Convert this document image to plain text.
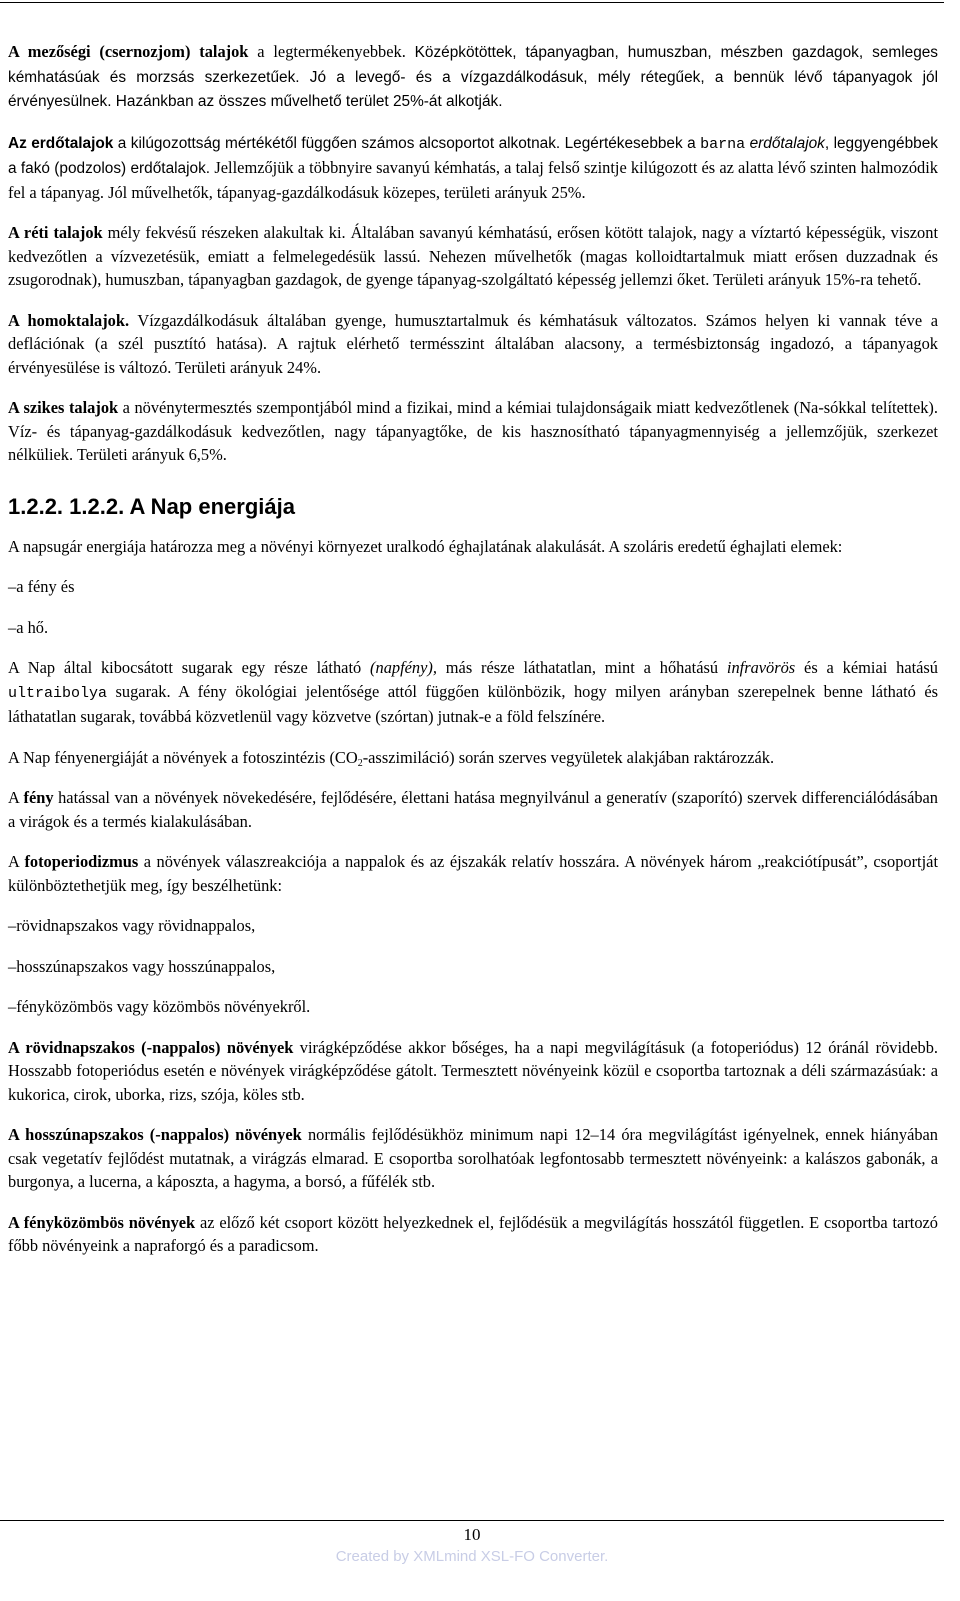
A mezőségi (csernozjom) talajok a legtermékenyebbek. Középkötöttek, tápanyagban, humuszban, mészben gazdagok, semleges kémhatásúak és morzsás szerkezetűek. Jó a levegő- és a vízgazdálkodásuk, mély rétegűek, a bennük lévő tápanyagok jól érvényesülnek. Hazánkban az összes művelhető terület 25%-át alkotják.

Az erdőtalajok a kilúgozottság mértékétől függően számos alcsoportot alkotnak. Legértékesebbek a barna erdőtalajok, leggyengébbek a fakó (podzolos) erdőtalajok. Jellemzőjük a többnyire savanyú kémhatás, a talaj felső szintje kilúgozott és az alatta lévő szinten halmozódik fel a tápanyag. Jól művelhetők, tápanyag-gazdálkodásuk közepes, területi arányuk 25%.

A réti talajok mély fekvésű részeken alakultak ki. Általában savanyú kémhatású, erősen kötött talajok, nagy a víztartó képességük, viszont kedvezőtlen a vízvezetésük, emiatt a felmelegedésük lassú. Nehezen művelhetők (magas kolloidtartalmuk miatt erősen duzzadnak és zsugorodnak), humuszban, tápanyagban gazdagok, de gyenge tápanyag-szolgáltató képesség jellemzi őket. Területi arányuk 15%-ra tehető.

A homoktalajok. Vízgazdálkodásuk általában gyenge, humusztartalmuk és kémhatásuk változatos. Számos helyen ki vannak téve a deflációnak (a szél pusztító hatása). A rajtuk elérhető termésszint általában alacsony, a termésbiztonság ingadozó, a tápanyagok érvényesülése is változó. Területi arányuk 24%.

A szikes talajok a növénytermesztés szempontjából mind a fizikai, mind a kémiai tulajdonságaik miatt kedvezőtlenek (Na-sókkal telítettek). Víz- és tápanyag-gazdálkodásuk kedvezőtlen, nagy tápanyagtőke, de kis hasznosítható tápanyagmennyiség a jellemzőjük, szerkezet nélküliek. Területi arányuk 6,5%.

1.2.2. 1.2.2. A Nap energiája

A napsugár energiája határozza meg a növényi környezet uralkodó éghajlatának alakulását. A szoláris eredetű éghajlati elemek:

–a fény és

–a hő.

A Nap által kibocsátott sugarak egy része látható (napfény), más része láthatatlan, mint a hőhatású infravörös és a kémiai hatású ultraibolya sugarak. A fény ökológiai jelentősége attól függően különbözik, hogy milyen arányban szerepelnek benne látható és láthatatlan sugarak, továbbá közvetlenül vagy közvetve (szórtan) jutnak-e a föld felszínére.

A Nap fényenergiáját a növények a fotoszintézis $(CO_2-asszimiláció)$ során szerves vegyületek alakjában raktározzák.

A fény hatással van a növények növekedésére, fejlődésére, élettani hatása megnyilvánul a generatív (szaporító) szervek differenciálódásában a virágok és a termés kialakulásában.

A fotoperiodizmus a növények válaszreakciója a nappalok és az éjszakák relatív hosszára. A növények három „reakciótípusát”, csoportját különböztethetjük meg, így beszélhetünk:

–rövidnapszakos vagy rövidnappalos,

–hosszúnapszakos vagy hosszúnappalos,

–fényközömbös vagy közömbös növényekről.

A rövidnapszakos (-nappalos) növények virágképződése akkor bőséges, ha a napi megvilágításuk (a fotoperiódus) 12 óránál rövidebb. Hosszabb fotoperiódus esetén e növények virágképződése gátolt. Termesztett növényeink közül e csoportba tartoznak a déli származásúak: a kukorica, cirok, uborka, rizs, szója, köles stb.

A hosszúnapszakos (-nappalos) növények normális fejlődésükhöz minimum napi 12–14 óra megvilágítást igényelnek, ennek hiányában csak vegetatív fejlődést mutatnak, a virágzás elmarad. E csoportba sorolhatóak legfontosabb termesztett növényeink: a kalászos gabonák, a burgonya, a lucerna, a káposzta, a hagyma, a borsó, a fűfélék stb.

A fényközömbös növények az előző két csoport között helyezkednek el, fejlődésük a megvilágítás hosszától független. E csoportba tartozó főbb növényeink a napraforgó és a paradicsom.

10
Created by XMLmind XSL-FO Converter.
